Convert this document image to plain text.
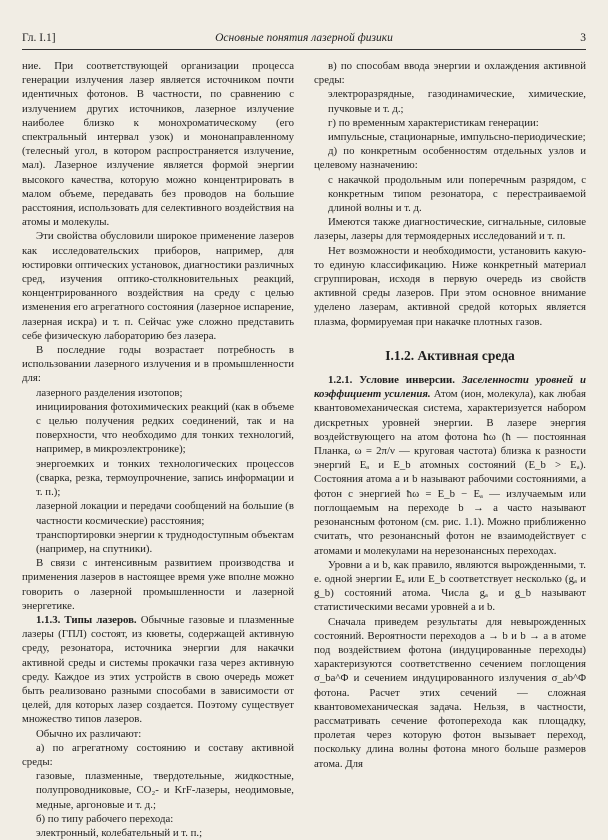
Гл. I.1]	Основные понятия лазерной физики	3

ние. При соответствующей организации процесса генерации излучения лазер является источником почти идентичных фотонов. В частности, по сравнению с излучением других источников, лазерное излучение наиболее близко к монохроматическому (его спектральный интервал узок) и мононаправленному (телесный угол, в котором распространяется излучение, мал). Лазерное излучение является формой энергии высокого качества, которую можно концентрировать в малом объеме, передавать без проводов на большие расстояния, использовать для селективного воздействия на атомы и молекулы.

Эти свойства обусловили широкое применение лазеров как исследовательских приборов, например, для юстировки оптических установок, диагностики различных сред, изучения оптико-столкновительных реакций, концентрированного воздействия на среду с целью изменения его агрегатного состояния (лазерное испарение, лазерная искра) и т. п. Сейчас уже сложно представить себе физическую лабораторию без лазера.

В последние годы возрастает потребность в использовании лазерного излучения и в промышленности для:

лазерного разделения изотопов;

инициирования фотохимических реакций (как в объеме с целью получения редких соединений, так и на поверхности, что необходимо для тонких технологий, например, в микроэлектронике);

энергоемких и тонких технологических процессов (сварка, резка, термоупрочнение, запись информации и т. п.);

лазерной локации и передачи сообщений на большие (в частности космические) расстояния;

транспортировки энергии к труднодоступным объектам (например, на спутники).

В связи с интенсивным развитием производства и применения лазеров в настоящее время уже вполне можно говорить о лазерной промышленности и лазерной энергетике.

1.1.3. Типы лазеров. Обычные газовые и плазменные лазеры (ГПЛ) состоят, из кюветы, содержащей активную среду, резонатора, источника энергии для накачки активной среды и системы прокачки газа через активную среду. Каждое из этих устройств в свою очередь может быть реализовано разными способами в зависимости от целей, для которых лазер создается. Поэтому существует множество типов лазеров.

Обычно их различают:

а) по агрегатному состоянию и составу активной среды:

газовые, плазменные, твердотельные, жидкостные, полупроводниковые, CO₂- и KrF-лазеры, неодимовые, медные, аргоновые и т. д.;

б) по типу рабочего перехода:

электронный, колебательный и т. п.;

в) по способам ввода энергии и охлаждения активной среды:

электроразрядные, газодинамические, химические, пучковые и т. д.;

г) по временным характеристикам генерации:

импульсные, стационарные, импульсно-периодические;

д) по конкретным особенностям отдельных узлов и целевому назначению:

с накачкой продольным или поперечным разрядом, с конкретным типом резонатора, с перестраиваемой длиной волны и т. д.

Имеются также диагностические, сигнальные, силовые лазеры, лазеры для термоядерных исследований и т. п.

Нет возможности и необходимости, установить какую-то единую классификацию. Ниже конкретный материал сгруппирован, исходя в первую очередь из свойств активной среды лазеров. При этом основное внимание уделено лазерам, активной средой которых является плазма, формируемая при накачке плотных газов.

I.1.2. Активная среда

1.2.1. Условие инверсии. Заселенности уровней и коэффициент усиления. Атом (ион, молекула), как любая квантовомеханическая система, характеризуется набором дискретных уровней энергии. В лазере энергия воздействующего на атом фотона ħω (ħ — постоянная Планка, ω = 2π/ν — круговая частота) близка к разности энергий Eₐ и E_b атомных состояний (E_b > Eₐ). Состояния атома a и b называют рабочими состояниями, а фотон с энергией ħω = E_b − Eₐ — излучаемым или поглощаемым на переходе b → a часто называют резонансным фотоном (см. рис. 1.1). Можно приближенно считать, что резонансный фотон не взаимодействует с атомами и молекулами на нерезонансных переходах.

Уровни a и b, как правило, являются вырожденными, т. е. одной энергии Eₐ или E_b соответствует несколько (gₐ и g_b) состояний атома. Числа gₐ и g_b называют статистическими весами уровней a и b.

Сначала приведем результаты для невырожденных состояний. Вероятности переходов a → b и b → a в атоме под воздействием фотона (индуцированные переходы) характеризуются соответственно сечением поглощения σ_ba^Φ и сечением индуцированного излучения σ_ab^Φ фотона. Расчет этих сечений — сложная квантовомеханическая задача. Нельзя, в частности, рассматривать сечение фотоперехода как площадку, пролетая через которую фотон вызывает переход, поскольку длина волны фотона много больше размеров атома. Для
